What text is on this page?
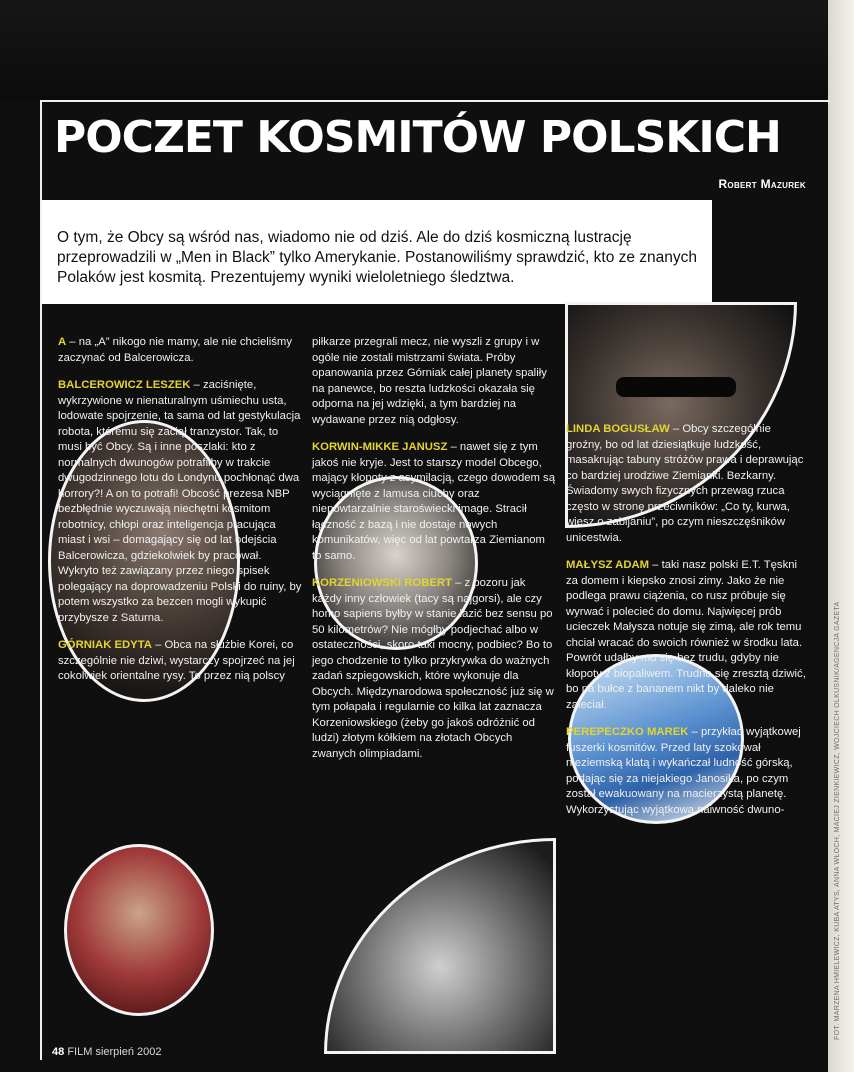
FOT. MARZENA HMIELEWICZ, KUBA ATYS, ANNA WŁOCH, MACIEJ ZIENKIEWICZ, WOJCIECH OLKUŚNIK/AGENCJA GAZETA
POCZET KOSMITÓW POLSKICH
Robert Mazurek

O tym, że Obcy są wśród nas, wiadomo nie od dziś. Ale do dziś kosmiczną lustrację przeprowadzili w „Men in Black” tylko Amerykanie. Postanowiliśmy sprawdzić, kto ze znanych Polaków jest kosmitą. Prezentujemy wyniki wieloletniego śledztwa.

A – na „A” nikogo nie mamy, ale nie chcieliśmy zaczynać od Balcerowicza.

BALCEROWICZ LESZEK – zaciśnięte, wykrzywione w nienaturalnym uśmiechu usta, lodowate spojrzenie, ta sama od lat gestykulacja robota, któremu się zaciął tranzystor. Tak, to musi być Obcy. Są i inne poszlaki: kto z normalnych dwunogów potrafiłby w trakcie dwugodzinnego lotu do Londynu pochłonąć dwa horrory?! A on to potrafi! Obcość prezesa NBP bezbłędnie wyczuwają niechętni kosmitom robotnicy, chłopi oraz inteligencja pracująca miast i wsi – domagający się od lat odejścia Balcerowicza, gdziekolwiek by pracował. Wykryto też zawiązany przez niego spisek polegający na doprowadzeniu Polski do ruiny, by potem wszystko za bezcen mogli wykupić przybysze z Saturna.

GÓRNIAK EDYTA – Obca na służbie Korei, co szczególnie nie dziwi, wystarczy spojrzeć na jej cokolwiek orientalne rysy. To przez nią polscy

piłkarze przegrali mecz, nie wyszli z grupy i w ogóle nie zostali mistrzami świata. Próby opanowania przez Górniak całej planety spaliły na panewce, bo reszta ludzkości okazała się odporna na jej wdzięki, a tym bardziej na wydawane przez nią odgłosy.

KORWIN-MIKKE JANUSZ – nawet się z tym jakoś nie kryje. Jest to starszy model Obcego, mający kłopoty z asymilacją, czego dowodem są wyciągnięte z lamusa ciuchy oraz niepowtarzalnie staroświecki image. Stracił łączność z bazą i nie dostaje nowych komunikatów, więc od lat powtarza Ziemianom to samo.

KORZENIOWSKI ROBERT – z pozoru jak każdy inny człowiek (tacy są najgorsi), ale czy homo sapiens byłby w stanie łazić bez sensu po 50 kilometrów? Nie mógłby podjechać albo w ostateczności, skoro taki mocny, podbiec? Bo to jego chodzenie to tylko przykrywka do ważnych zadań szpiegowskich, które wykonuje dla Obcych. Międzynarodowa społeczność już się w tym połapała i regularnie co kilka lat zaznacza Korzeniowskiego (żeby go jakoś odróżnić od ludzi) złotym kółkiem na złotach Obcych zwanych olimpiadami.

LINDA BOGUSŁAW – Obcy szczególnie groźny, bo od lat dziesiątkuje ludzkość, masakrując tabuny stróżów prawa i deprawując co bardziej urodziwe Ziemianki. Bezkarny. Świadomy swych fizycznych przewag rzuca często w stronę przeciwników: „Co ty, kurwa, wiesz o zabijaniu”, po czym nieszczęśników unicestwia.

MAŁYSZ ADAM – taki nasz polski E.T. Tęskni za domem i kiepsko znosi zimy. Jako że nie podlega prawu ciążenia, co rusz próbuje się wyrwać i polecieć do domu. Najwięcej prób ucieczek Małysza notuje się zimą, ale rok temu chciał wracać do swoich również w środku lata. Powrót udałby mu się bez trudu, gdyby nie kłopoty z biopaliwem. Trudno się zresztą dziwić, bo na bułce z bananem nikt by daleko nie zaleciał.

PEREPECZKO MAREK – przykład wyjątkowej fuszerki kosmitów. Przed laty szokował nieziemską klatą i wykańczał ludność górską, podając się za niejakiego Janosika, po czym został ewakuowany na macierzystą planetę. Wykorzystując wyjątkową naiwność dwuno-

48 FILM sierpień 2002
